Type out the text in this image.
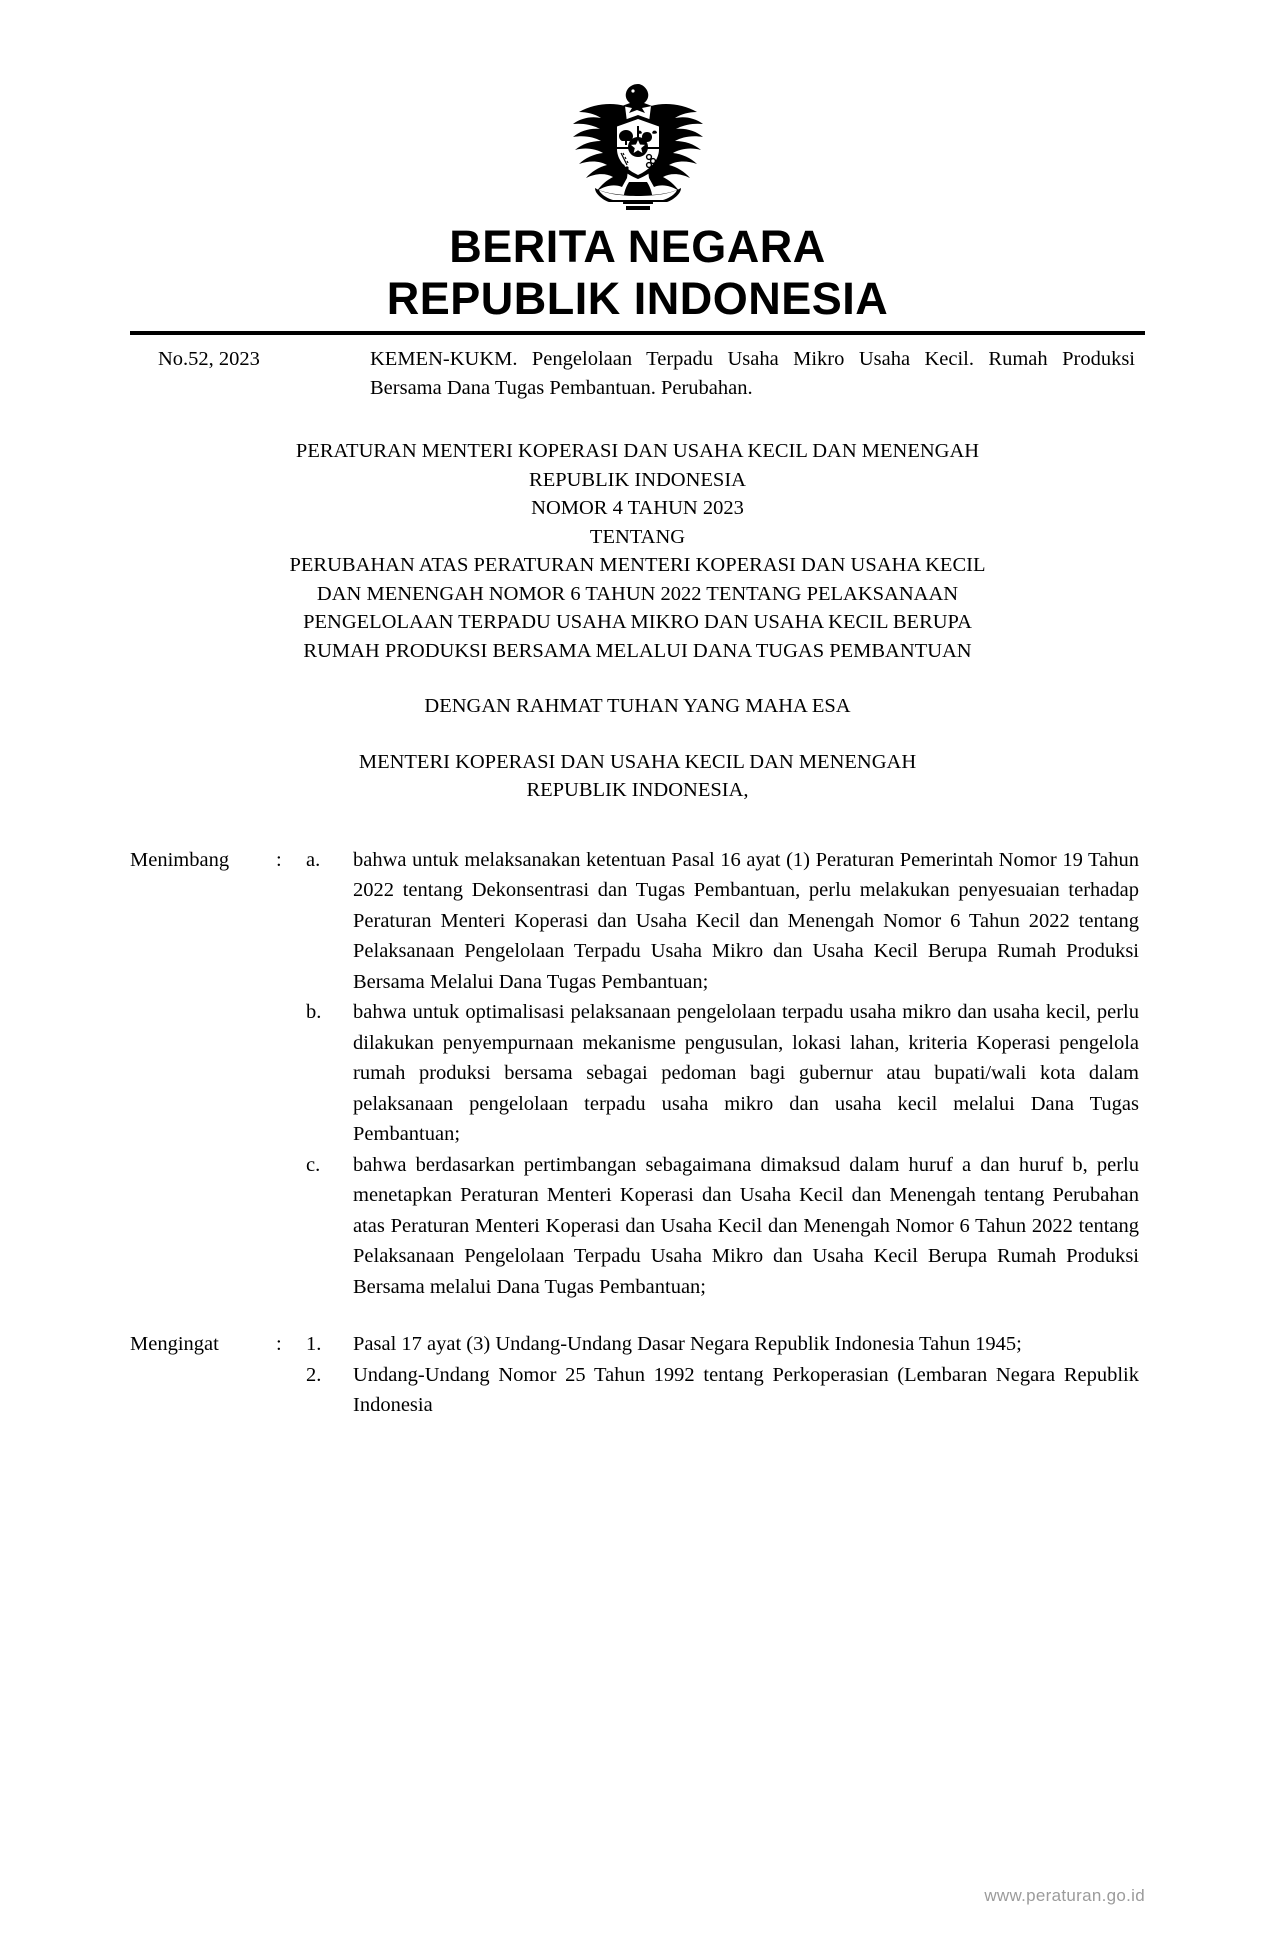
BERITA NEGARA
REPUBLIK INDONESIA
No.52, 2023	KEMEN-KUKM. Pengelolaan Terpadu Usaha Mikro Usaha Kecil. Rumah Produksi Bersama Dana Tugas Pembantuan. Perubahan.
PERATURAN MENTERI KOPERASI DAN USAHA KECIL DAN MENENGAH
REPUBLIK INDONESIA
NOMOR 4 TAHUN 2023
TENTANG
PERUBAHAN ATAS PERATURAN MENTERI KOPERASI DAN USAHA KECIL
DAN MENENGAH NOMOR 6 TAHUN 2022 TENTANG PELAKSANAAN
PENGELOLAAN TERPADU USAHA MIKRO DAN USAHA KECIL BERUPA
RUMAH PRODUKSI BERSAMA MELALUI DANA TUGAS PEMBANTUAN
DENGAN RAHMAT TUHAN YANG MAHA ESA
MENTERI KOPERASI DAN USAHA KECIL DAN MENENGAH
REPUBLIK INDONESIA,
Menimbang	:	a.	bahwa untuk melaksanakan ketentuan Pasal 16 ayat (1) Peraturan Pemerintah Nomor 19 Tahun 2022 tentang Dekonsentrasi dan Tugas Pembantuan, perlu melakukan penyesuaian terhadap Peraturan Menteri Koperasi dan Usaha Kecil dan Menengah Nomor 6 Tahun 2022 tentang Pelaksanaan Pengelolaan Terpadu Usaha Mikro dan Usaha Kecil Berupa Rumah Produksi Bersama Melalui Dana Tugas Pembantuan;
b.	bahwa untuk optimalisasi pelaksanaan pengelolaan terpadu usaha mikro dan usaha kecil, perlu dilakukan penyempurnaan mekanisme pengusulan, lokasi lahan, kriteria Koperasi pengelola rumah produksi bersama sebagai pedoman bagi gubernur atau bupati/wali kota dalam pelaksanaan pengelolaan terpadu usaha mikro dan usaha kecil melalui Dana Tugas Pembantuan;
c.	bahwa berdasarkan pertimbangan sebagaimana dimaksud dalam huruf a dan huruf b, perlu menetapkan Peraturan Menteri Koperasi dan Usaha Kecil dan Menengah tentang Perubahan atas Peraturan Menteri Koperasi dan Usaha Kecil dan Menengah Nomor 6 Tahun 2022 tentang Pelaksanaan Pengelolaan Terpadu Usaha Mikro dan Usaha Kecil Berupa Rumah Produksi Bersama melalui Dana Tugas Pembantuan;
Mengingat	:	1.	Pasal 17 ayat (3) Undang-Undang Dasar Negara Republik Indonesia Tahun 1945;
2.	Undang-Undang Nomor 25 Tahun 1992 tentang Perkoperasian (Lembaran Negara Republik Indonesia
www.peraturan.go.id
